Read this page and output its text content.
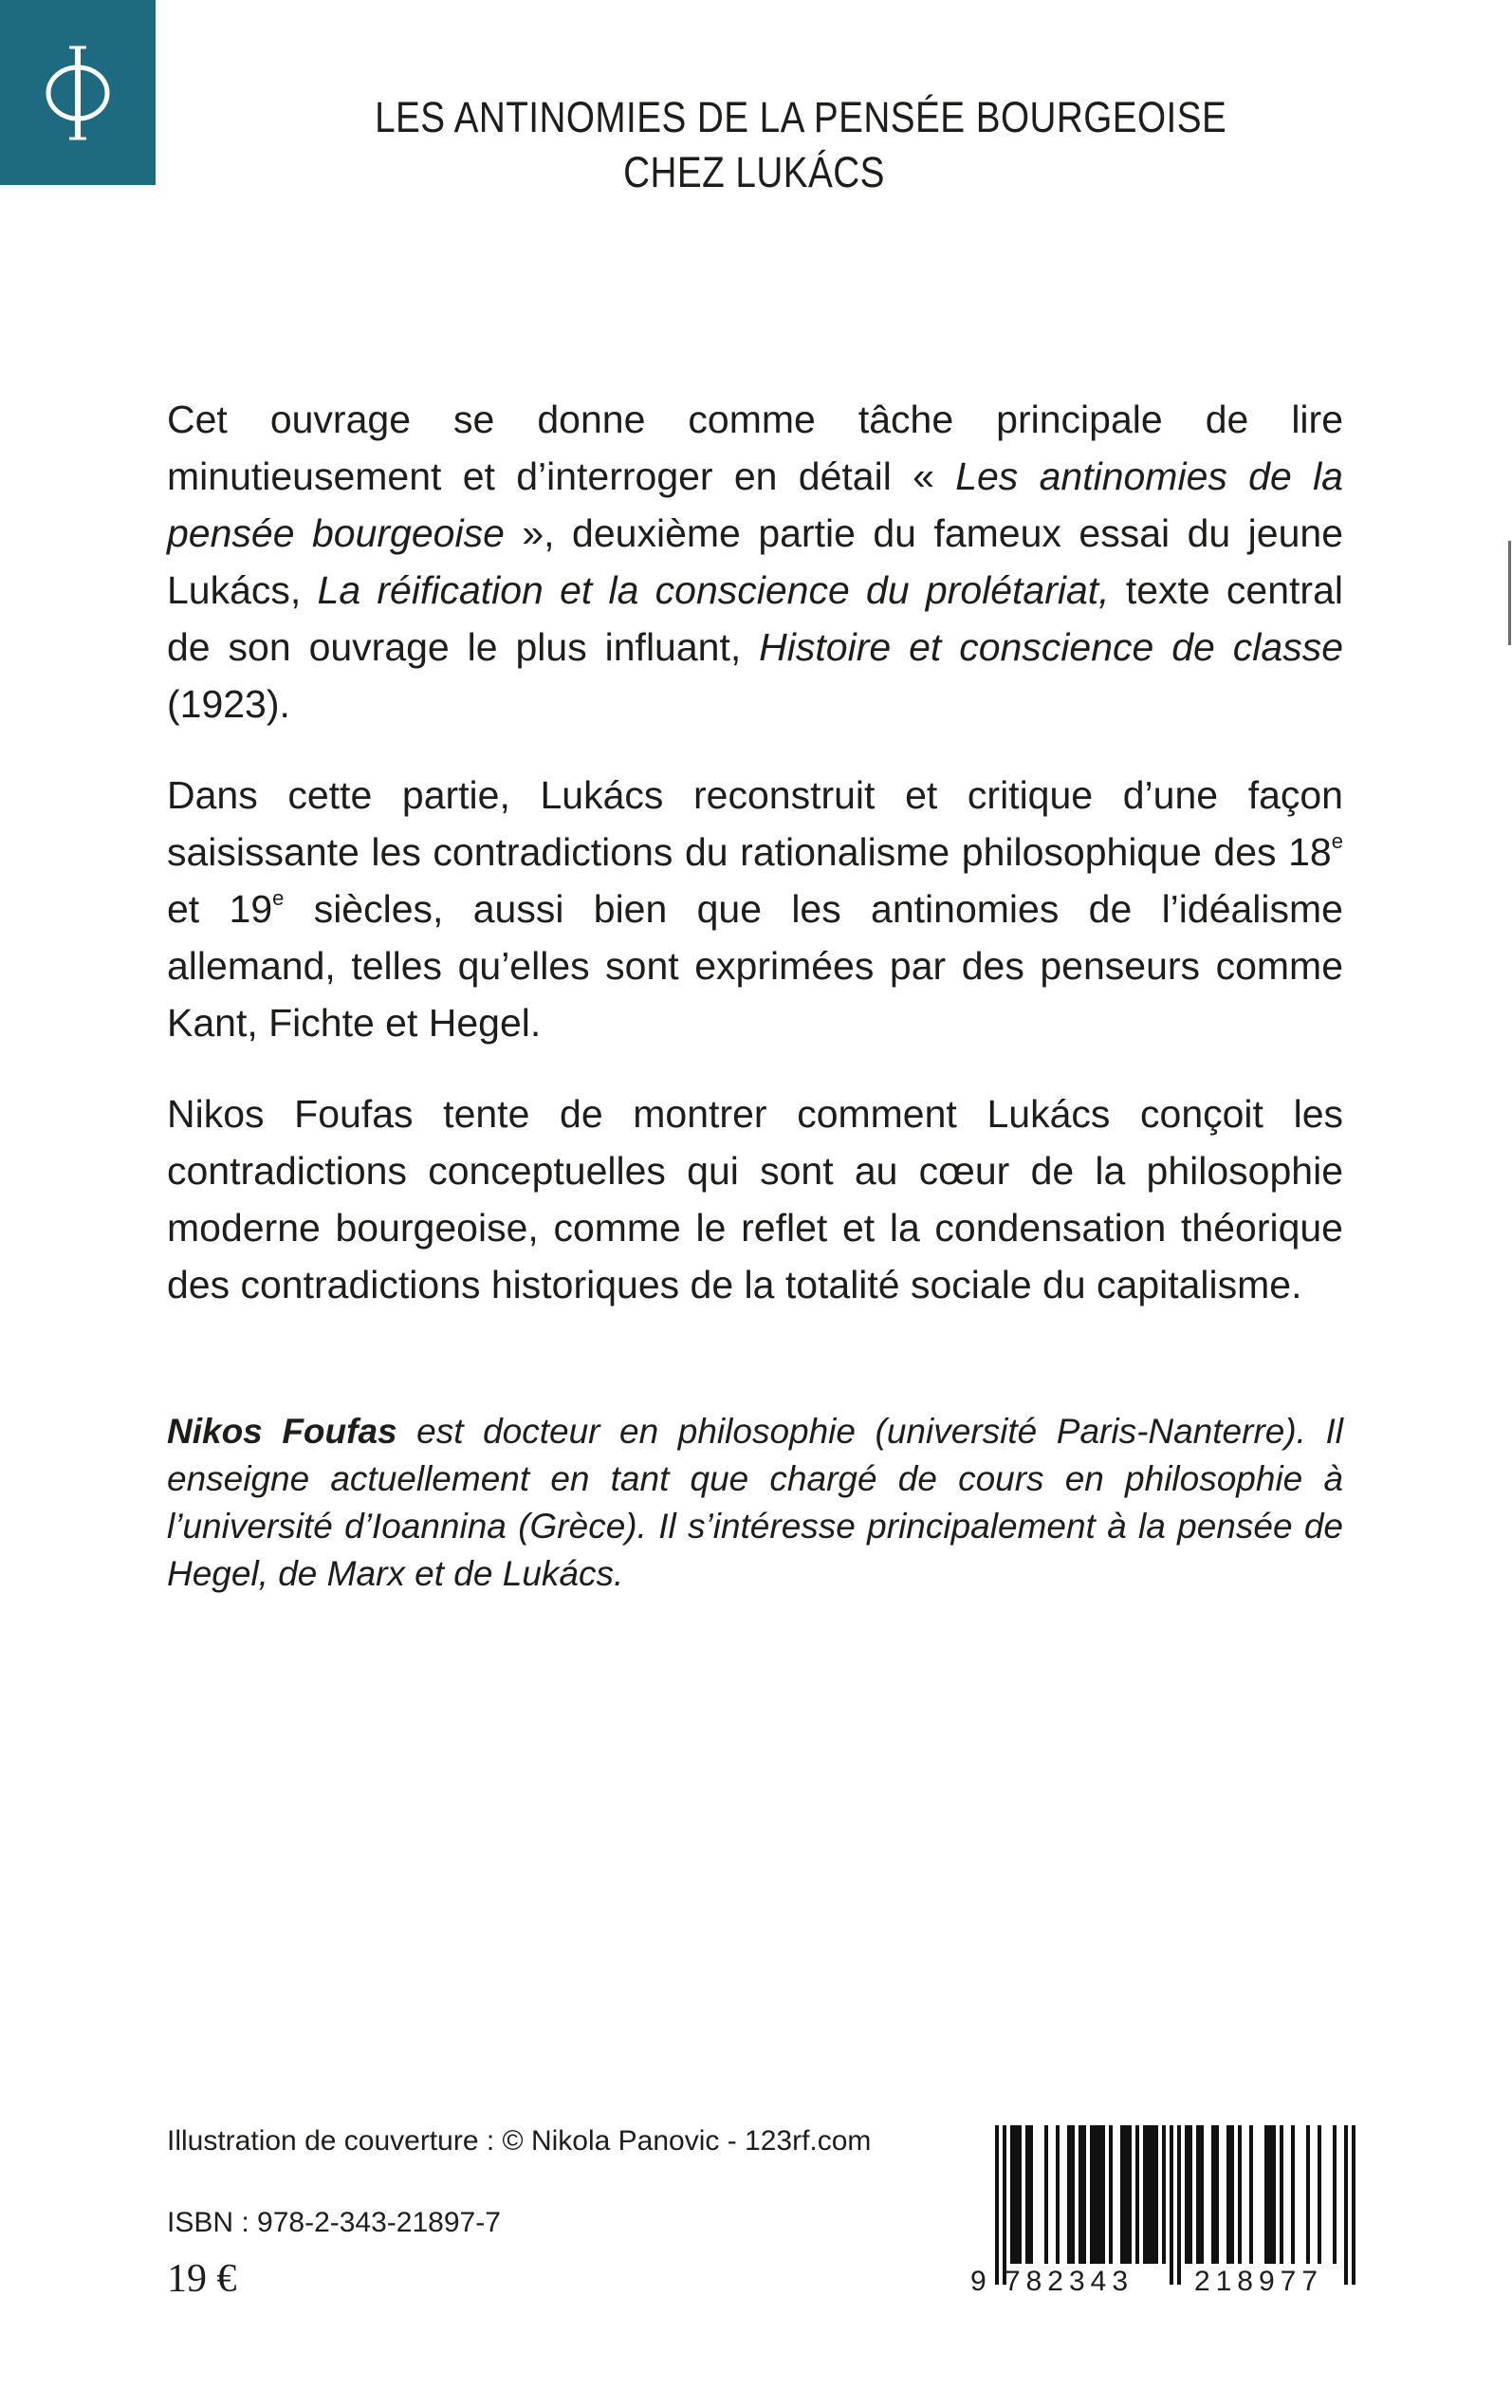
LES ANTINOMIES DE LA PENSÉE BOURGEOISE
CHEZ LUKÁCS

Cet ouvrage se donne comme tâche principale de lire minutieusement et d’interroger en détail « Les antinomies de la pensée bourgeoise », deuxième partie du fameux essai du jeune Lukács, La réification et la conscience du prolétariat, texte central de son ouvrage le plus influant, Histoire et conscience de classe (1923).

Dans cette partie, Lukács reconstruit et critique d’une façon saisissante les contradictions du rationalisme philosophique des 18e et 19e siècles, aussi bien que les antinomies de l’idéalisme allemand, telles qu’elles sont exprimées par des penseurs comme Kant, Fichte et Hegel.

Nikos Foufas tente de montrer comment Lukács conçoit les contradictions conceptuelles qui sont au cœur de la philosophie moderne bourgeoise, comme le reflet et la condensation théorique des contradictions historiques de la totalité sociale du capitalisme.

Nikos Foufas est docteur en philosophie (université Paris-Nanterre). Il enseigne actuellement en tant que chargé de cours en philosophie à l’université d’Ioannina (Grèce). Il s’intéresse principalement à la pensée de Hegel, de Marx et de Lukács.
Illustration de couverture : © Nikola Panovic - 123rf.com
ISBN : 978-2-343-21897-7
19 €	9 782343 218977
